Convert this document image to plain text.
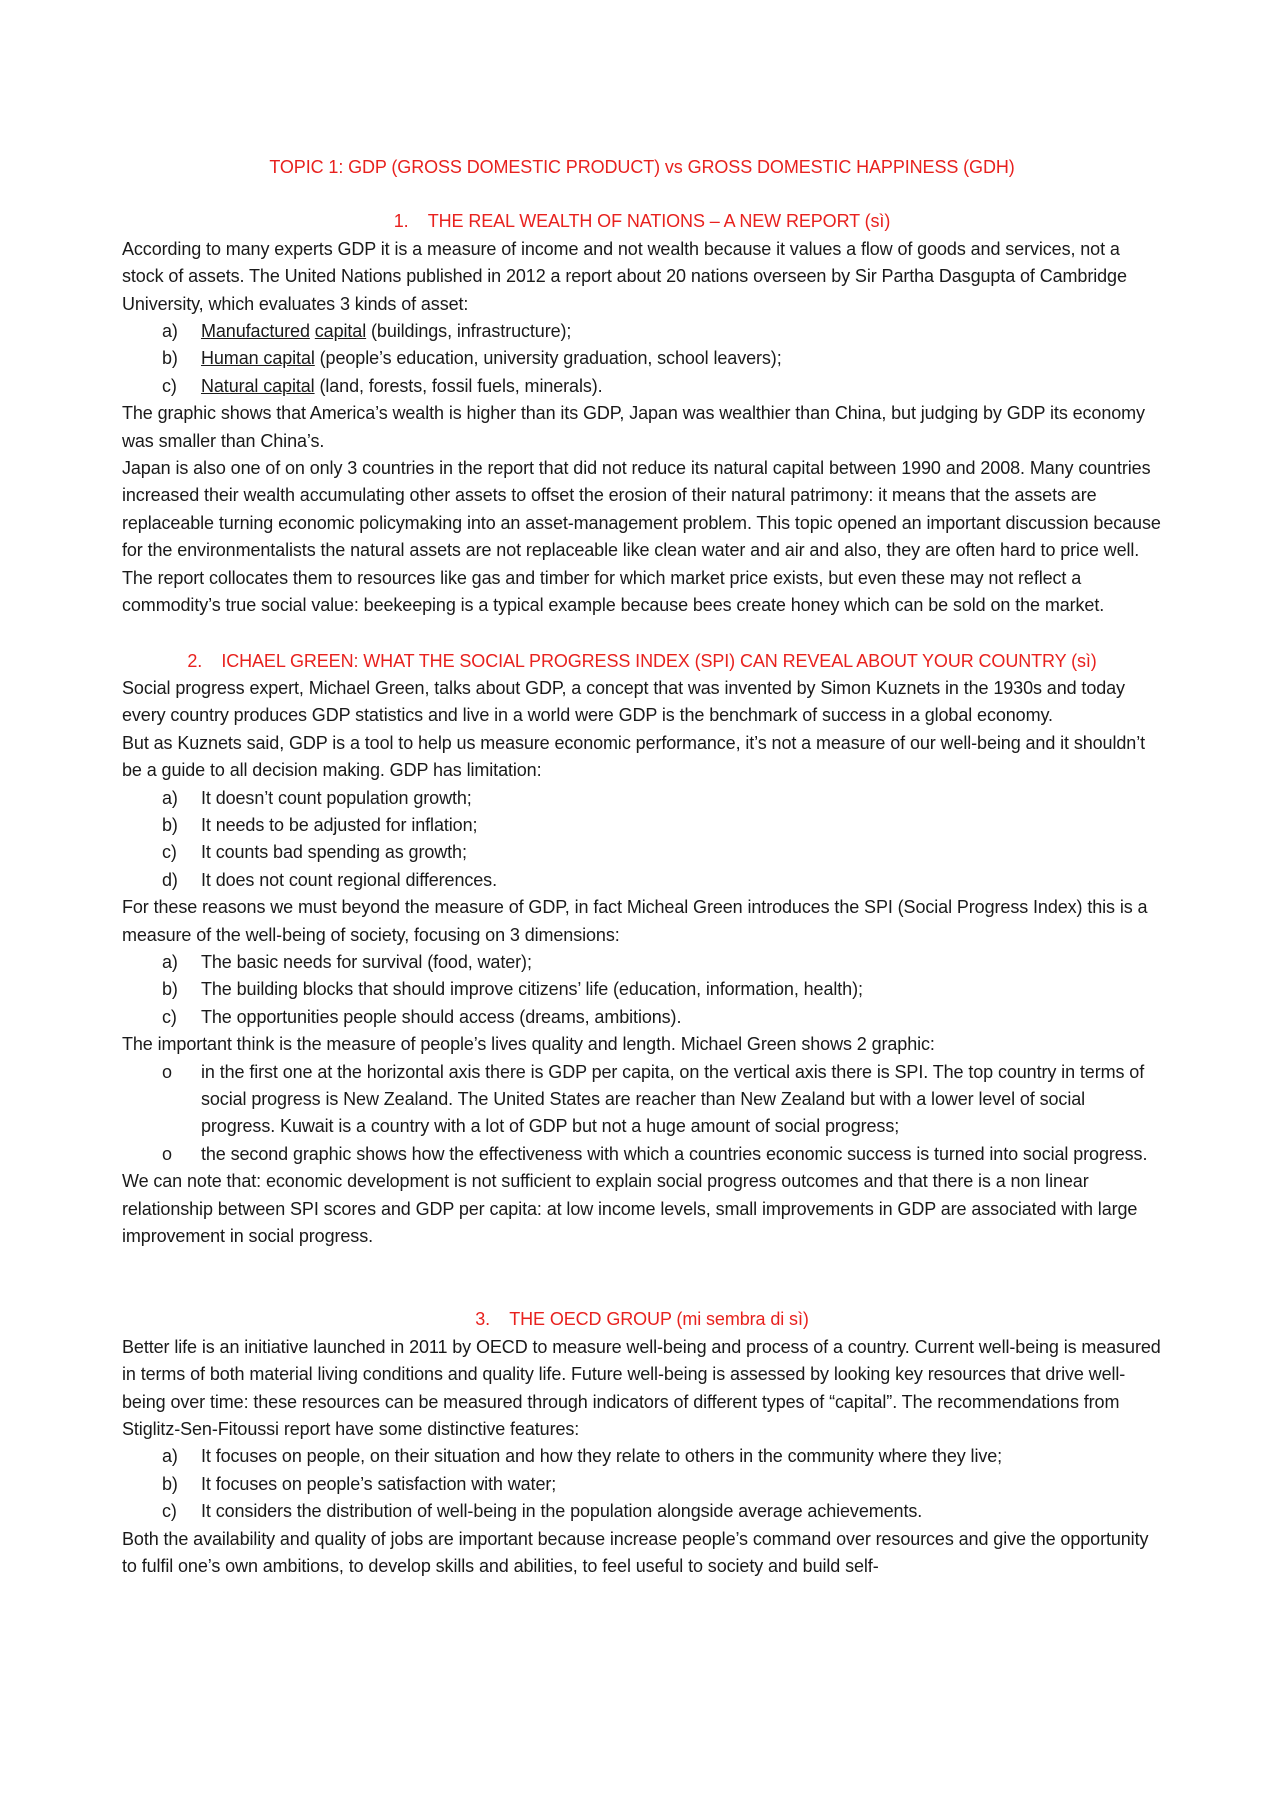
TOPIC 1: GDP (GROSS DOMESTIC PRODUCT) vs GROSS DOMESTIC HAPPINESS (GDH)

1. THE REAL WEALTH OF NATIONS – A NEW REPORT (sì)

According to many experts GDP it is a measure of income and not wealth because it values a flow of goods and services, not a stock of assets. The United Nations published in 2012 a report about 20 nations overseen by Sir Partha Dasgupta of Cambridge University, which evaluates 3 kinds of asset:

a) Manufactured capital (buildings, infrastructure);
b) Human capital (people’s education, university graduation, school leavers);
c) Natural capital (land, forests, fossil fuels, minerals).

The graphic shows that America’s wealth is higher than its GDP, Japan was wealthier than China, but judging by GDP its economy was smaller than China’s.

Japan is also one of on only 3 countries in the report that did not reduce its natural capital between 1990 and 2008. Many countries increased their wealth accumulating other assets to offset the erosion of their natural patrimony: it means that the assets are replaceable turning economic policymaking into an asset-management problem. This topic opened an important discussion because for the environmentalists the natural assets are not replaceable like clean water and air and also, they are often hard to price well.

The report collocates them to resources like gas and timber for which market price exists, but even these may not reflect a commodity’s true social value: beekeeping is a typical example because bees create honey which can be sold on the market.

2. ICHAEL GREEN: WHAT THE SOCIAL PROGRESS INDEX (SPI) CAN REVEAL ABOUT YOUR COUNTRY (sì)

Social progress expert, Michael Green, talks about GDP, a concept that was invented by Simon Kuznets in the 1930s and today every country produces GDP statistics and live in a world were GDP is the benchmark of success in a global economy.

But as Kuznets said, GDP is a tool to help us measure economic performance, it’s not a measure of our well-being and it shouldn’t be a guide to all decision making. GDP has limitation:

a) It doesn’t count population growth;
b) It needs to be adjusted for inflation;
c) It counts bad spending as growth;
d) It does not count regional differences.

For these reasons we must beyond the measure of GDP, in fact Micheal Green introduces the SPI (Social Progress Index) this is a measure of the well-being of society, focusing on 3 dimensions:

a) The basic needs for survival (food, water);
b) The building blocks that should improve citizens’ life (education, information, health);
c) The opportunities people should access (dreams, ambitions).

The important think is the measure of people’s lives quality and length. Michael Green shows 2 graphic:

o in the first one at the horizontal axis there is GDP per capita, on the vertical axis there is SPI. The top country in terms of social progress is New Zealand. The United States are reacher than New Zealand but with a lower level of social progress. Kuwait is a country with a lot of GDP but not a huge amount of social progress;
o the second graphic shows how the effectiveness with which a countries economic success is turned into social progress.

We can note that: economic development is not sufficient to explain social progress outcomes and that there is a non linear relationship between SPI scores and GDP per capita: at low income levels, small improvements in GDP are associated with large improvement in social progress.

3. THE OECD GROUP (mi sembra di sì)

Better life is an initiative launched in 2011 by OECD to measure well-being and process of a country. Current well-being is measured in terms of both material living conditions and quality life. Future well-being is assessed by looking key resources that drive well-being over time: these resources can be measured through indicators of different types of “capital”. The recommendations from Stiglitz-Sen-Fitoussi report have some distinctive features:

a) It focuses on people, on their situation and how they relate to others in the community where they live;
b) It focuses on people’s satisfaction with water;
c) It considers the distribution of well-being in the population alongside average achievements.

Both the availability and quality of jobs are important because increase people’s command over resources and give the opportunity to fulfil one’s own ambitions, to develop skills and abilities, to feel useful to society and build self-
